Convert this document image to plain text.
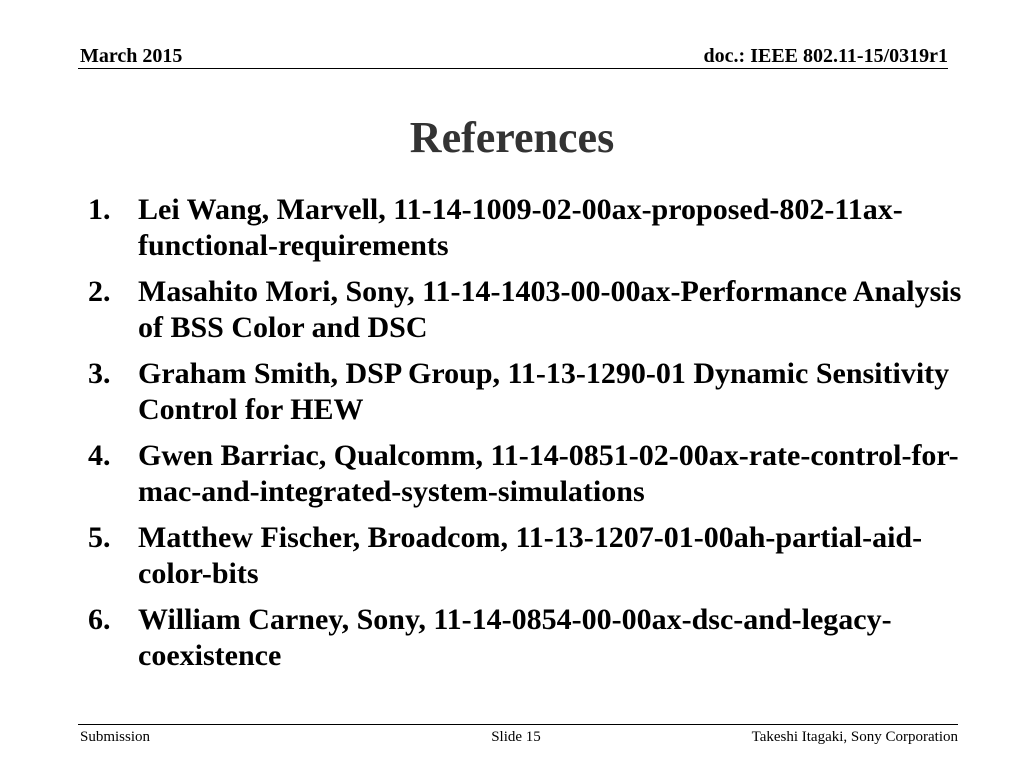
March 2015	doc.: IEEE 802.11-15/0319r1
References
1. Lei Wang, Marvell, 11-14-1009-02-00ax-proposed-802-11ax-functional-requirements
2. Masahito Mori, Sony, 11-14-1403-00-00ax-Performance Analysis of BSS Color and DSC
3. Graham Smith, DSP Group, 11-13-1290-01 Dynamic Sensitivity Control for HEW
4. Gwen Barriac, Qualcomm, 11-14-0851-02-00ax-rate-control-for-mac-and-integrated-system-simulations
5. Matthew Fischer, Broadcom, 11-13-1207-01-00ah-partial-aid-color-bits
6. William Carney, Sony, 11-14-0854-00-00ax-dsc-and-legacy-coexistence
Submission	Slide 15	Takeshi Itagaki, Sony Corporation
